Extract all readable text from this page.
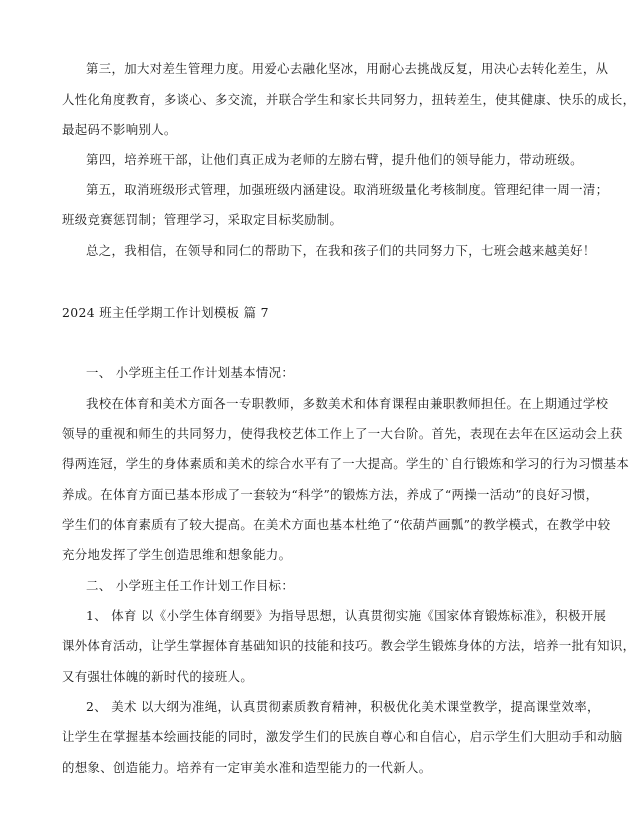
第三，加大对差生管理力度。用爱心去融化坚冰，用耐心去挑战反复，用决心去转化差生，从
人性化角度教育，多谈心、多交流，并联合学生和家长共同努力，扭转差生，使其健康、快乐的成长，
最起码不影响别人。
第四，培养班干部，让他们真正成为老师的左膀右臂，提升他们的领导能力，带动班级。
第五，取消班级形式管理，加强班级内涵建设。取消班级量化考核制度。管理纪律一周一清；
班级竞赛惩罚制；管理学习，采取定目标奖励制。
总之，我相信，在领导和同仁的帮助下，在我和孩子们的共同努力下，七班会越来越美好！
2024 班主任学期工作计划模板 篇 7
一、 小学班主任工作计划基本情况：
我校在体育和美术方面各一专职教师，多数美术和体育课程由兼职教师担任。在上期通过学校
领导的重视和师生的共同努力，使得我校艺体工作上了一大台阶。首先，表现在去年在区运动会上获
得两连冠，学生的身体素质和美术的综合水平有了一大提高。学生的`自行锻炼和学习的行为习惯基本
养成。在体育方面已基本形成了一套较为“科学”的锻炼方法，养成了“两操一活动”的良好习惯，
学生们的体育素质有了较大提高。在美术方面也基本杜绝了“依葫芦画瓢”的教学模式，在教学中较
充分地发挥了学生创造思维和想象能力。
二、 小学班主任工作计划工作目标：
1、 体育 以《小学生体育纲要》为指导思想，认真贯彻实施《国家体育锻炼标准》，积极开展
课外体育活动，让学生掌握体育基础知识的技能和技巧。教会学生锻炼身体的方法，培养一批有知识，
又有强壮体魄的新时代的接班人。
2、 美术 以大纲为准绳，认真贯彻素质教育精神，积极优化美术课堂教学，提高课堂效率，
让学生在掌握基本绘画技能的同时，激发学生们的民族自尊心和自信心，启示学生们大胆动手和动脑
的想象、创造能力。培养有一定审美水准和造型能力的一代新人。
